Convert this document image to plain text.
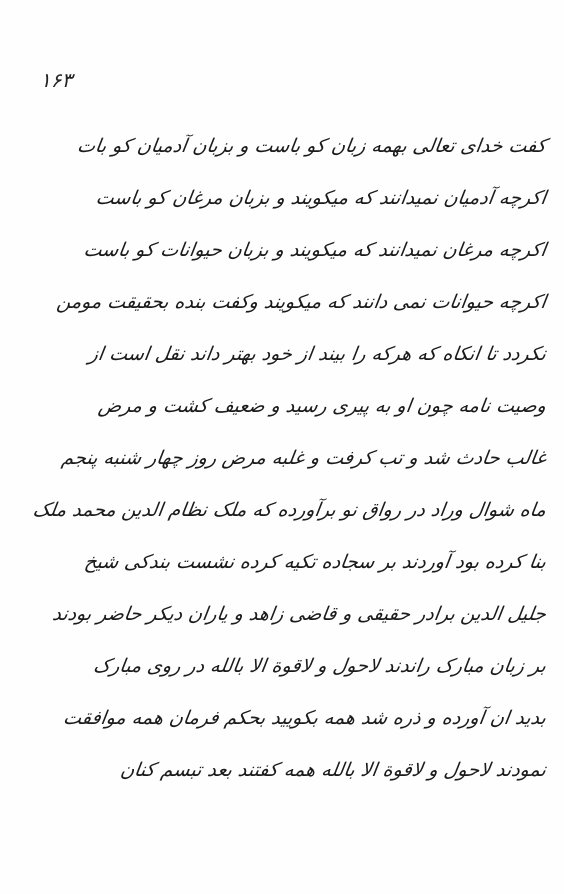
۱۶۳
کفت خدای تعالی بهمه زبان کو باست و بزبان آدمیان کو بات
اکرچه آدمیان نمیدانند که میکویند و بزبان مرغان کو باست
اکرچه مرغان نمیدانند که میکویند و بزبان حیوانات کو باست
اکرچه حیوانات نمی دانند که میکویند وکفت بنده بحقیقت مومن
نکردد تا انکاه که هرکه را بیند از خود بهتر داند نقل است از
وصیت نامه چون او به پیری رسید و ضعیف کشت و مرض
غالب حادث شد و تب کرفت و غلبه مرض روز چهار شنبه پنجم
ماه شوال وراد در رواق نو برآورده که ملک نظام الدین محمد ملک
بنا کرده بود آوردند بر سجاده تکیه کرده نشست بندکی شیخ
جلیل الدین برادر حقیقی و قاضی زاهد و یاران دیکر حاضر بودند
بر زبان مبارک راندند لاحول و لاقوة الا بالله در روی مبارک
بدید ان آورده و ذره شد همه بکویید بحکم فرمان همه موافقت
نمودند لاحول و لاقوة الا بالله همه کفتند بعد تبسم کنان
